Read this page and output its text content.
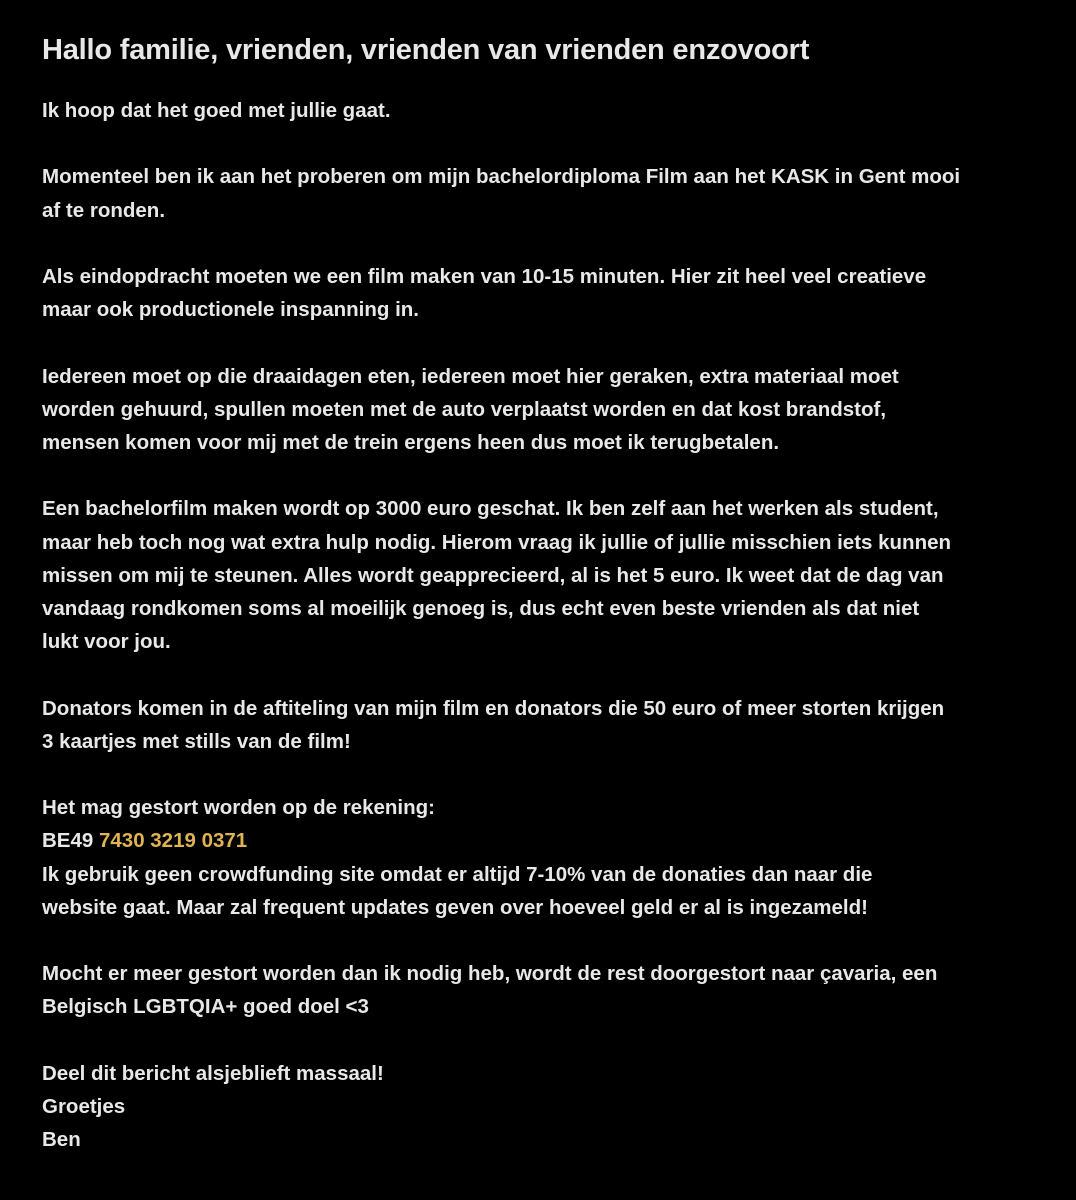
Hallo familie, vrienden, vrienden van vrienden enzovoort
Ik hoop dat het goed met jullie gaat.
Momenteel ben ik aan het proberen om mijn bachelordiploma Film aan het KASK in Gent mooi
af te ronden.
Als eindopdracht moeten we een film maken van 10-15 minuten. Hier zit heel veel creatieve
maar ook productionele inspanning in.
Iedereen moet op die draaidagen eten, iedereen moet hier geraken, extra materiaal moet
worden gehuurd, spullen moeten met de auto verplaatst worden en dat kost brandstof,
mensen komen voor mij met de trein ergens heen dus moet ik terugbetalen.
Een bachelorfilm maken wordt op 3000 euro geschat. Ik ben zelf aan het werken als student,
maar heb toch nog wat extra hulp nodig. Hierom vraag ik jullie of jullie misschien iets kunnen
missen om mij te steunen. Alles wordt geapprecieerd, al is het 5 euro. Ik weet dat de dag van
vandaag rondkomen soms al moeilijk genoeg is, dus echt even beste vrienden als dat niet
lukt voor jou.
Donators komen in de aftiteling van mijn film en donators die 50 euro of meer storten krijgen
3 kaartjes met stills van de film!
Het mag gestort worden op de rekening:
BE49 7430 3219 0371
Ik gebruik geen crowdfunding site omdat er altijd 7-10% van de donaties dan naar die
website gaat. Maar zal frequent updates geven over hoeveel geld er al is ingezameld!
Mocht er meer gestort worden dan ik nodig heb, wordt de rest doorgestort naar çavaria, een
Belgisch LGBTQIA+ goed doel <3
Deel dit bericht alsjeblieft massaal!
Groetjes
Ben
